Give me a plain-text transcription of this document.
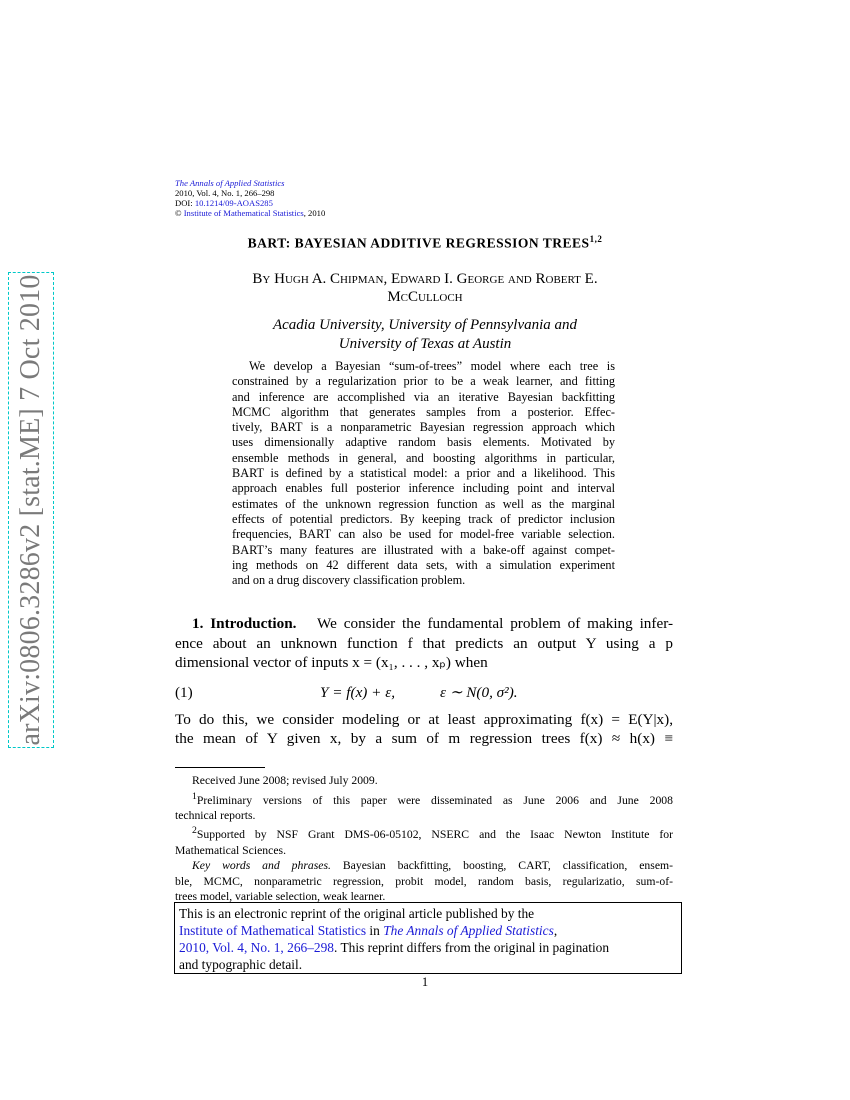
arXiv:0806.3286v2 [stat.ME] 7 Oct 2010
The Annals of Applied Statistics
2010, Vol. 4, No. 1, 266–298
DOI: 10.1214/09-AOAS285
© Institute of Mathematical Statistics, 2010
BART: BAYESIAN ADDITIVE REGRESSION TREES$^{1,2}$
By Hugh A. Chipman, Edward I. George and Robert E.
McCulloch
Acadia University, University of Pennsylvania and
University of Texas at Austin
We develop a Bayesian “sum-of-trees” model where each tree is
constrained by a regularization prior to be a weak learner, and fitting
and inference are accomplished via an iterative Bayesian backfitting
MCMC algorithm that generates samples from a posterior. Effec-
tively, BART is a nonparametric Bayesian regression approach which
uses dimensionally adaptive random basis elements. Motivated by
ensemble methods in general, and boosting algorithms in particular,
BART is defined by a statistical model: a prior and a likelihood. This
approach enables full posterior inference including point and interval
estimates of the unknown regression function as well as the marginal
effects of potential predictors. By keeping track of predictor inclusion
frequencies, BART can also be used for model-free variable selection.
BART’s many features are illustrated with a bake-off against compet-
ing methods on 42 different data sets, with a simulation experiment
and on a drug discovery classification problem.
1. Introduction. We consider the fundamental problem of making infer-
ence about an unknown function f that predicts an output Y using a p
dimensional vector of inputs x = (x₁, . . . , xₚ) when
(1)	Y = f(x) + ε,	ε ∼ N(0, σ²).
To do this, we consider modeling or at least approximating f(x) = E(Y|x),
the mean of Y given x, by a sum of m regression trees f(x) ≈ h(x) ≡
Received June 2008; revised July 2009.
$^1$Preliminary versions of this paper were disseminated as June 2006 and June 2008
technical reports.
$^2$Supported by NSF Grant DMS-06-05102, NSERC and the Isaac Newton Institute for
Mathematical Sciences.
Key words and phrases. Bayesian backfitting, boosting, CART, classification, ensem-
ble, MCMC, nonparametric regression, probit model, random basis, regularizatio, sum-of-
trees model, variable selection, weak learner.
This is an electronic reprint of the original article published by the
Institute of Mathematical Statistics in The Annals of Applied Statistics,
2010, Vol. 4, No. 1, 266–298. This reprint differs from the original in pagination
and typographic detail.
1
